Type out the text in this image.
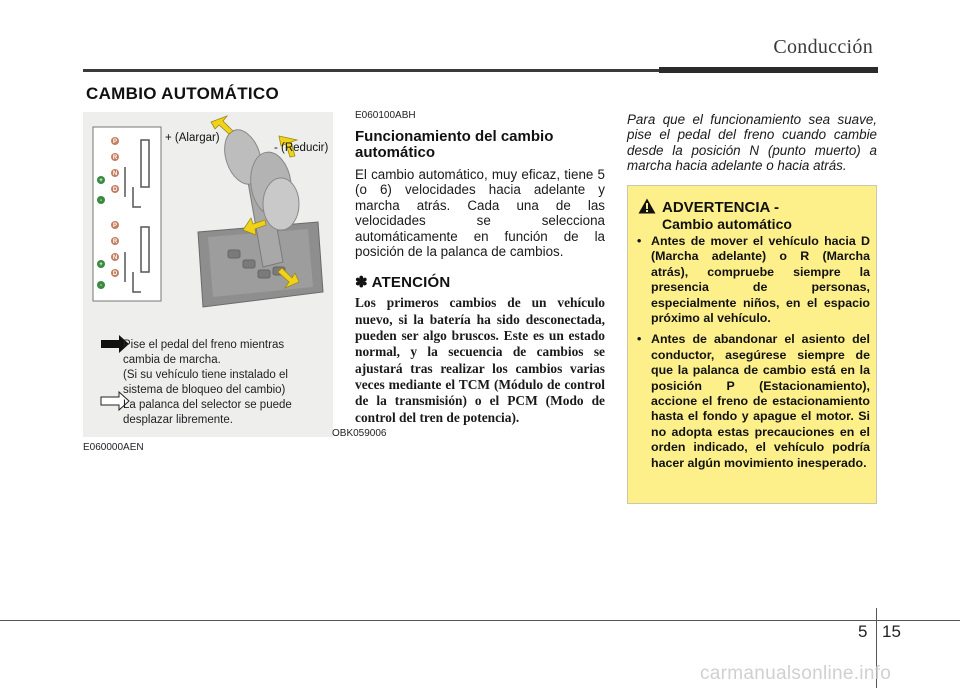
Conducción
CAMBIO AUTOMÁTICO
P
R
N
+
D
-
P
R
N
+
D
-
+ (Alargar)
- (Reducir)
OBK059006
Pise el pedal del freno mientras
cambia de marcha.
(Si su vehículo tiene instalado el
sistema de bloqueo del cambio)
La palanca del selector se puede
desplazar libremente.
E060000AEN
E060100ABH
Funcionamiento del cambio automático
El cambio automático, muy eficaz, tiene 5 (o 6) velocidades hacia adelante y marcha atrás. Cada una de las velocidades se selecciona automáticamente en función de la posición de la palanca de cambios.
✽ ATENCIÓN
Los primeros cambios de un vehículo nuevo, si la batería ha sido desconectada, pueden ser algo bruscos. Este es un estado normal, y la secuencia de cambios se ajustará tras realizar los cambios varias veces mediante el TCM (Módulo de control de la transmisión) o el PCM (Modo de control del tren de potencia).
Para que el funcionamiento sea suave, pise el pedal del freno cuando cambie desde la posición N (punto muerto) a marcha hacia adelante o hacia atrás.
ADVERTENCIA -
Cambio automático
• Antes de mover el vehículo hacia D (Marcha adelante) o R (Marcha atrás), compruebe siempre la presencia de personas, especialmente niños, en el espacio próximo al vehículo.
• Antes de abandonar el asiento del conductor, asegúrese siempre de que la palanca de cambio está en la posición P (Estacionamiento), accione el freno de estacionamiento hasta el fondo y apague el motor. Si no adopta estas precauciones en el orden indicado, el vehículo podría hacer algún movimiento inesperado.
5 15
carmanualsonline.info
